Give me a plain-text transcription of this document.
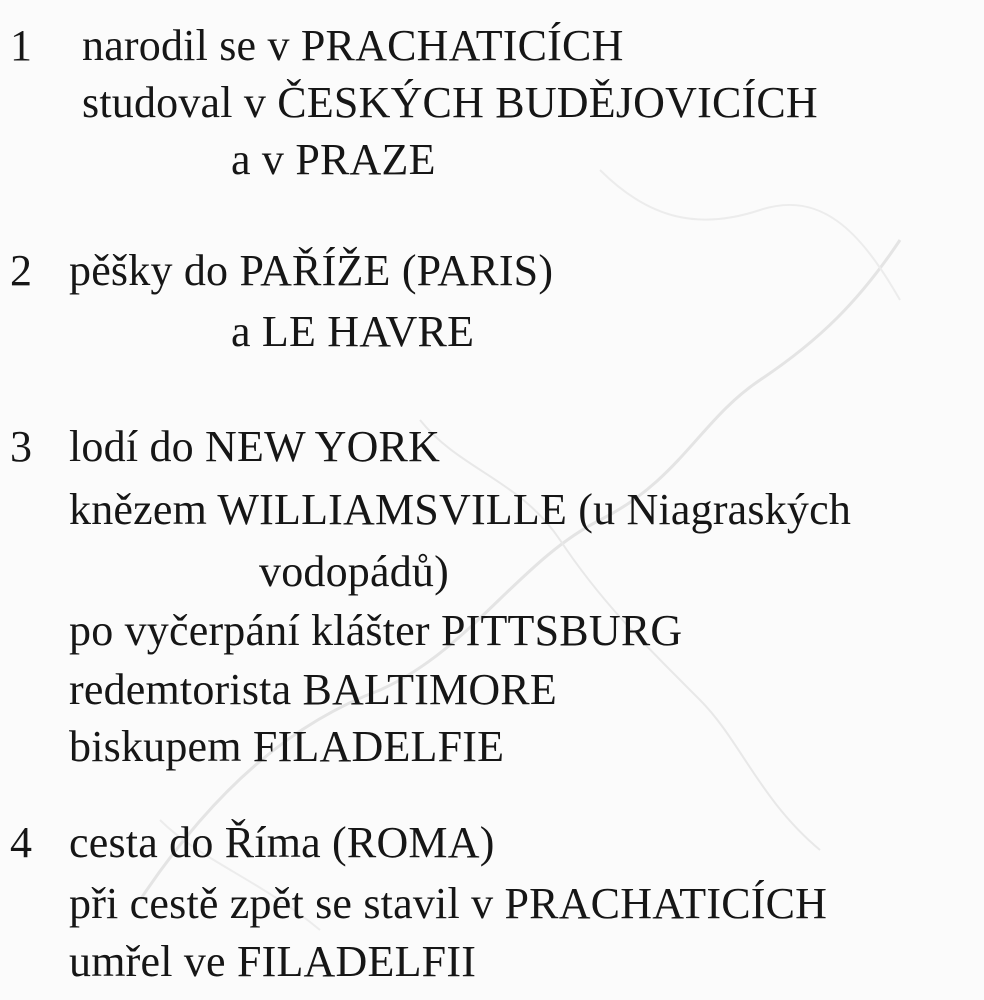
1 narodil se v PRACHATICÍCH
studoval v ČESKÝCH BUDĚJOVICÍCH
a v PRAZE
2 pěšky do PAŘÍŽE (PARIS)
a LE HAVRE
3 lodí do NEW YORK
knězem WILLIAMSVILLE (u Niagraských
vodopádů)
po vyčerpání klášter PITTSBURG
redemtorista BALTIMORE
biskupem FILADELFIE
4 cesta do Říma (ROMA)
při cestě zpět se stavil v PRACHATICÍCH
umřel ve FILADELFII
